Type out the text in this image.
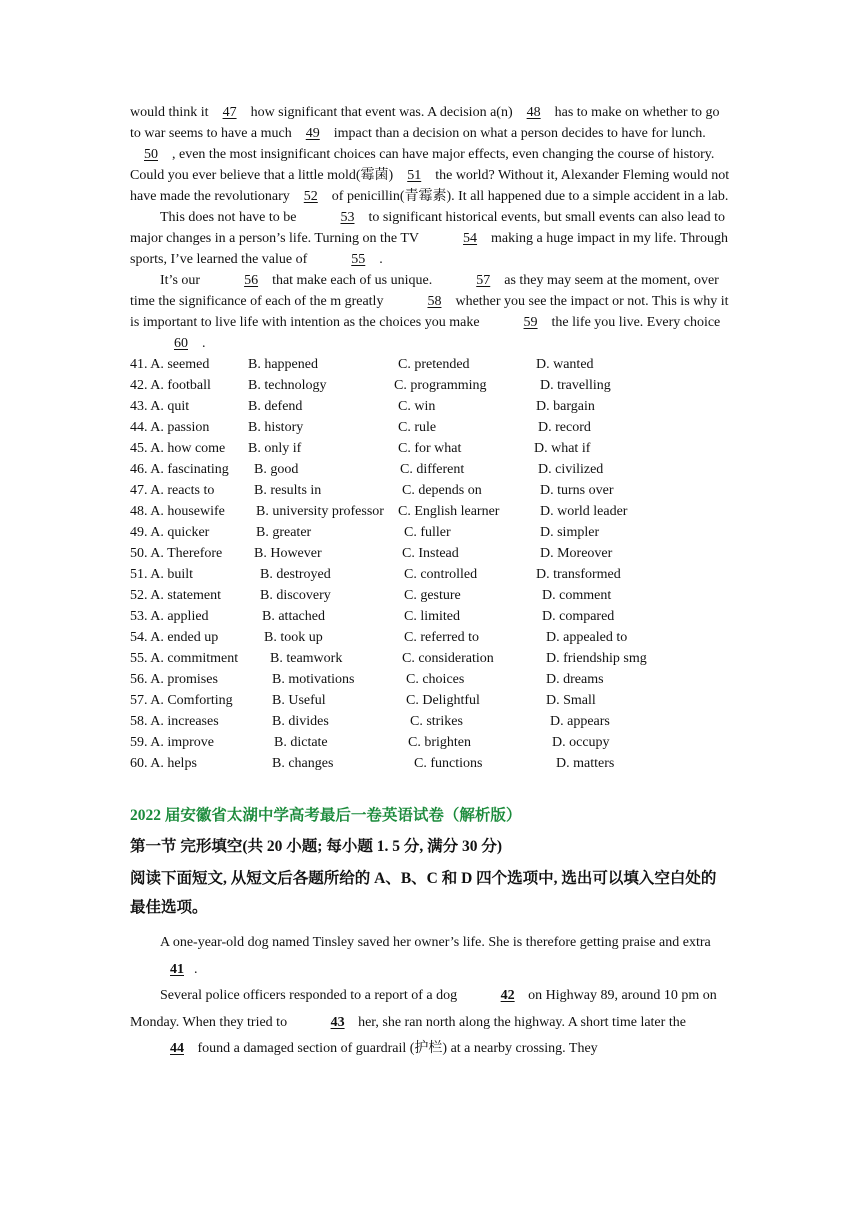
would think it 47 how significant that event was. A decision a(n) 48 has to make on whether to go to war seems to have a much 49 impact than a decision on what a person decides to have for lunch.50 , even the most insignificant choices can have major effects, even changing the course of history. Could you ever believe that a little mold(霉菌) 51 the world? Without it, Alexander Fleming would not have made the revolutionary 52 of penicillin(青霉素). It all happened due to a simple accident in a lab.

This does not have to be	53 to significant historical events, but small events can also lead to major changes in a person’s life. Turning on the TV	54 making a huge impact in my life. Through sports, I’ve learned the value of	55 .

It’s our	56 that make each of us unique.	57 as they may seem at the moment, over time the significance of each of the m greatly	58 whether you see the impact or not. This is why it is important to live life with intention as the choices you make	59 the life you live. Every choice60 .

41. A. seemed	B. happened	C. pretended	D. wanted
42. A. football	B. technology	C. programming	D. travelling
43. A. quit	B. defend	C. win	D. bargain
44. A. passion	B. history	C. rule	D. record
45. A. how come B. only if	C. for what	D. what if
46. A. fascinating B. good	C. different	D. civilized
47. A. reacts to	B. results in	C. depends on	D. turns over
48. A. housewife B. university professor C. English learner	D. world leader
49. A. quicker	B. greater	C. fuller	D. simpler
50. A. Therefore B. However	C. Instead	D. Moreover
51. A. built	B. destroyed	C. controlled	D. transformed
52. A. statement	B. discovery	C. gesture	D. comment
53. A. applied	B. attached	C. limited	D. compared
54. A. ended up	B. took up	C. referred to	D. appealed to
55. A. commitment B. teamwork	C. consideration	D. friendship smg
56. A. promises	B. motivations	C. choices	D. dreams
57. A. Comforting	B. Useful	C. Delightful	D. Small
58. A. increases	B. divides	C. strikes	D. appears
59. A. improve	B. dictate	C. brighten	D. occupy
60. A. helps	B. changes	C. functions	D. matters
2022 届安徽省太湖中学高考最后一卷英语试卷（解析版）
第一节 完形填空(共 20 小题; 每小题 1. 5 分, 满分 30 分)
阅读下面短文, 从短文后各题所给的 A、B、C 和 D 四个选项中, 选出可以填入空白处的最佳选项。

A one-year-old dog named Tinsley saved her owner’s life. She is therefore getting praise and extra41 .

Several police officers responded to a report of a dog	42 on Highway 89, around 10 pm on Monday. When they tried to	43 her, she ran north along the highway. A short time later the 44 found a damaged section of guardrail (护栏) at a nearby crossing. They
